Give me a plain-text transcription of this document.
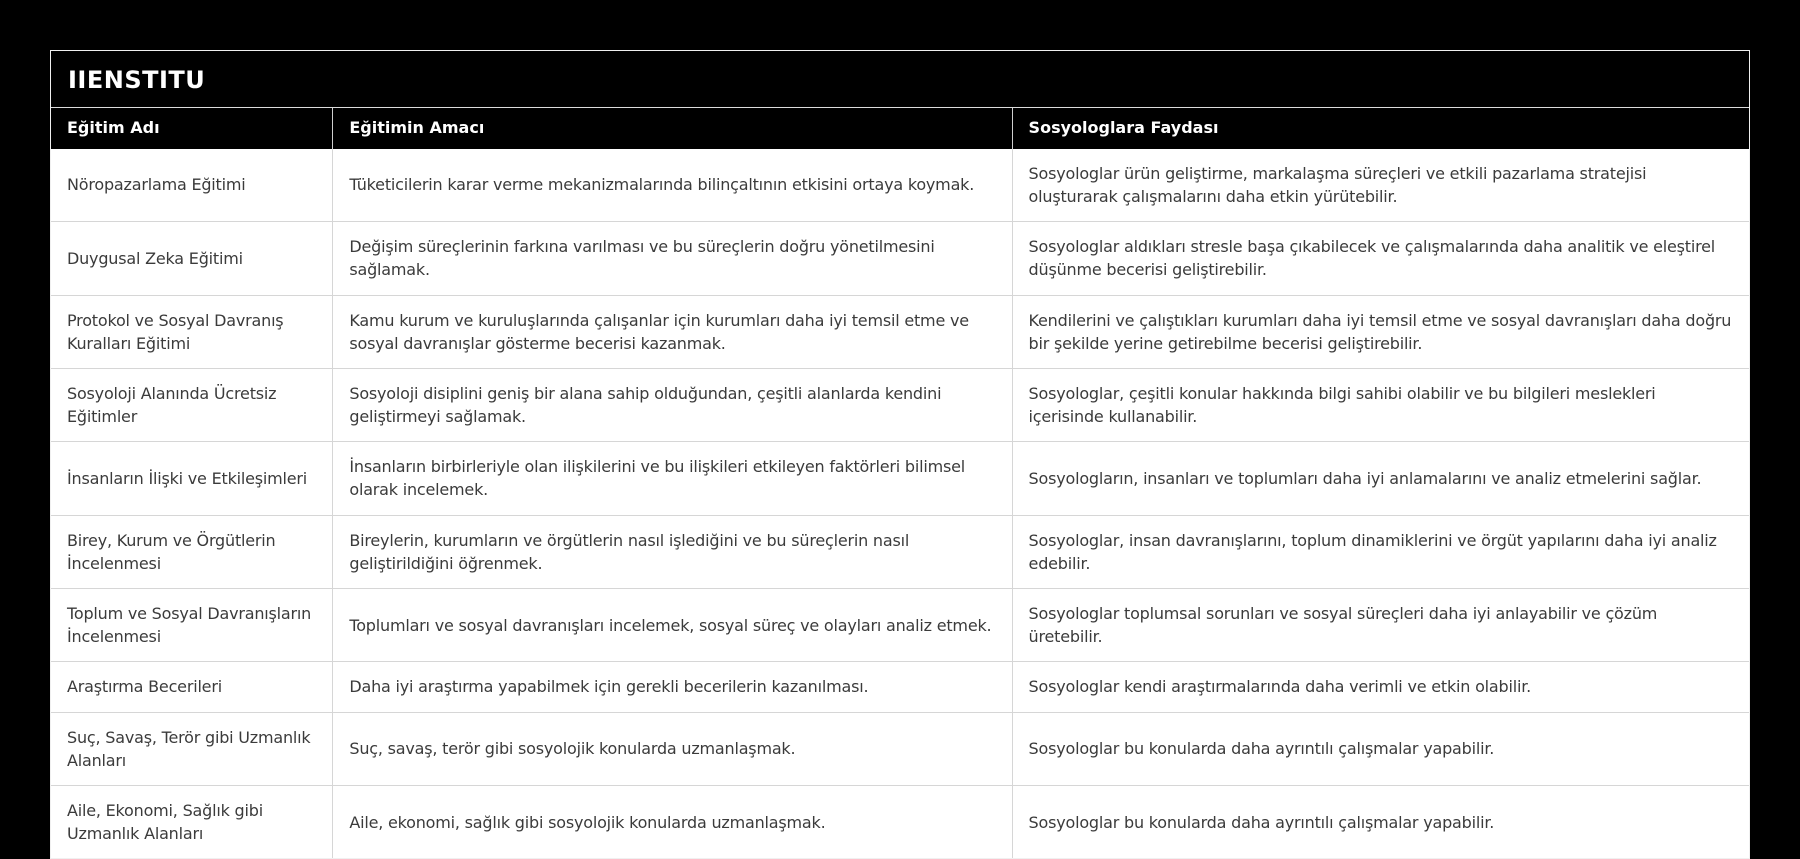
IIENSTITU
Eğitim Adı	Eğitimin Amacı	Sosyologlara Faydası
Nöropazarlama Eğitimi	Tüketicilerin karar verme mekanizmalarında bilinçaltının etkisini ortaya koymak.	Sosyologlar ürün geliştirme, markalaşma süreçleri ve etkili pazarlama stratejisi oluşturarak çalışmalarını daha etkin yürütebilir.
Duygusal Zeka Eğitimi	Değişim süreçlerinin farkına varılması ve bu süreçlerin doğru yönetilmesini sağlamak.	Sosyologlar aldıkları stresle başa çıkabilecek ve çalışmalarında daha analitik ve eleştirel düşünme becerisi geliştirebilir.
Protokol ve Sosyal Davranış Kuralları Eğitimi	Kamu kurum ve kuruluşlarında çalışanlar için kurumları daha iyi temsil etme ve sosyal davranışlar gösterme becerisi kazanmak.	Kendilerini ve çalıştıkları kurumları daha iyi temsil etme ve sosyal davranışları daha doğru bir şekilde yerine getirebilme becerisi geliştirebilir.
Sosyoloji Alanında Ücretsiz Eğitimler	Sosyoloji disiplini geniş bir alana sahip olduğundan, çeşitli alanlarda kendini geliştirmeyi sağlamak.	Sosyologlar, çeşitli konular hakkında bilgi sahibi olabilir ve bu bilgileri meslekleri içerisinde kullanabilir.
İnsanların İlişki ve Etkileşimleri	İnsanların birbirleriyle olan ilişkilerini ve bu ilişkileri etkileyen faktörleri bilimsel olarak incelemek.	Sosyologların, insanları ve toplumları daha iyi anlamalarını ve analiz etmelerini sağlar.
Birey, Kurum ve Örgütlerin İncelenmesi	Bireylerin, kurumların ve örgütlerin nasıl işlediğini ve bu süreçlerin nasıl geliştirildiğini öğrenmek.	Sosyologlar, insan davranışlarını, toplum dinamiklerini ve örgüt yapılarını daha iyi analiz edebilir.
Toplum ve Sosyal Davranışların İncelenmesi	Toplumları ve sosyal davranışları incelemek, sosyal süreç ve olayları analiz etmek.	Sosyologlar toplumsal sorunları ve sosyal süreçleri daha iyi anlayabilir ve çözüm üretebilir.
Araştırma Becerileri	Daha iyi araştırma yapabilmek için gerekli becerilerin kazanılması.	Sosyologlar kendi araştırmalarında daha verimli ve etkin olabilir.
Suç, Savaş, Terör gibi Uzmanlık Alanları	Suç, savaş, terör gibi sosyolojik konularda uzmanlaşmak.	Sosyologlar bu konularda daha ayrıntılı çalışmalar yapabilir.
Aile, Ekonomi, Sağlık gibi Uzmanlık Alanları	Aile, ekonomi, sağlık gibi sosyolojik konularda uzmanlaşmak.	Sosyologlar bu konularda daha ayrıntılı çalışmalar yapabilir.
